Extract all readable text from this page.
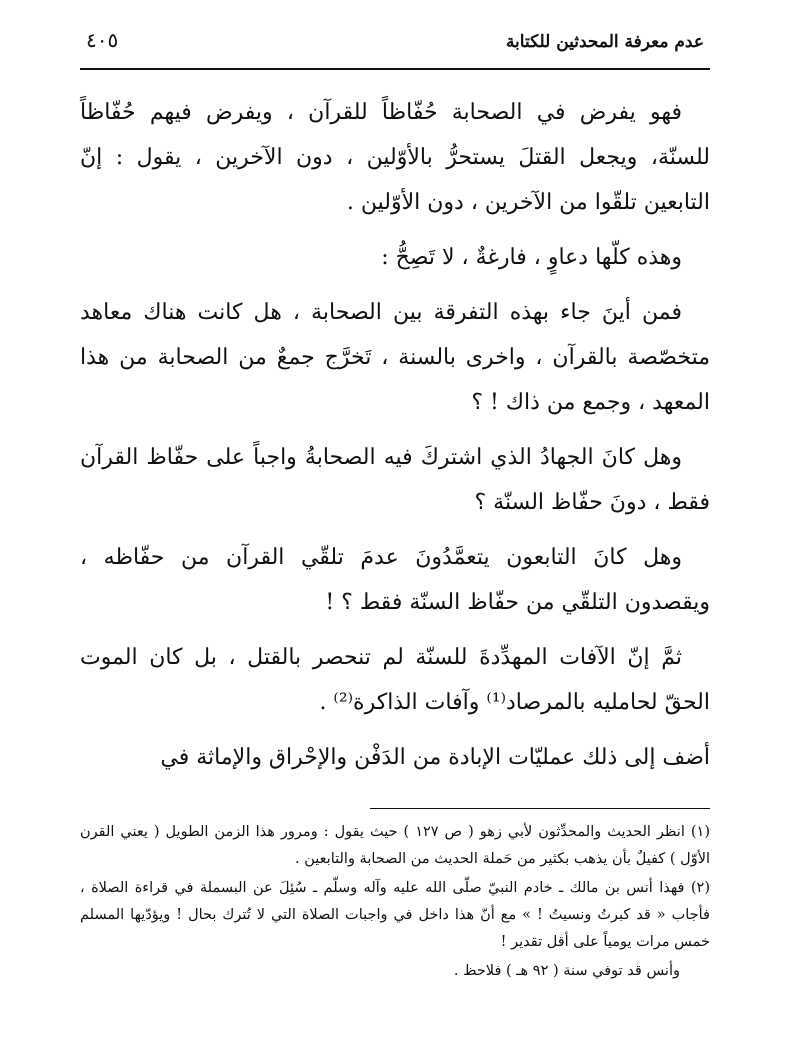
عدم معرفة المحدثين للكتابة
٤٠٥

فهو يفرض في الصحابة حُفّاظاً للقرآن ، ويفرض فيهم حُفّاظاً للسنّة، ويجعل القتلَ يستحرُّ بالأوّلين ، دون الآخرين ، يقول : إنّ التابعين تلقّوا من الآخرين ، دون الأوّلين .

وهذه كلّها دعاوٍ ، فارغةٌ ، لا تَصِحُّ :

فمن أينَ جاء بهذه التفرقة بين الصحابة ، هل كانت هناك معاهد متخصّصة بالقرآن ، واخرى بالسنة ، تَخرَّج جمعٌ من الصحابة من هذا المعهد ، وجمع من ذاك ! ؟

وهل كانَ الجهادُ الذي اشتركَ فيه الصحابةُ واجباً على حفّاظ القرآن فقط ، دونَ حفّاظ السنّة ؟

وهل كانَ التابعون يتعمَّدُونَ عدمَ تلقّي القرآن من حفّاظه ، ويقصدون التلقّي من حفّاظ السنّة فقط ؟ !

ثمَّ إنّ الآفات المهدِّدةَ للسنّة لم تنحصر بالقتل ، بل كان الموت الحقّ لحامليه بالمرصاد⁽¹⁾ وآفات الذاكرة⁽²⁾ .

أضف إلى ذلك عمليّات الإبادة من الدَفْن والإحْراق والإماثة في

(١) انظر الحديث والمحدِّثون لأبي زهو ( ص ١٢٧ ) حيث يقول : ومرور هذا الزمن الطويل ( يعني القرن الأوّل ) كفيلٌ بأن يذهب بكثير من حَملة الحديث من الصحابة والتابعين .

(٢) فهذا أنس بن مالك ـ خادم النبيّ صلّى الله عليه وآله وسلّم ـ سُئِلَ عن البسملة في قراءة الصلاة ، فأجاب « قد كبرتُ ونسيتُ ! » مع أنّ هذا داخل في واجبات الصلاة التي لا تُترك بحال ! ويؤدّيها المسلم خمس مرات يومياً على أقل تقدير !

وأنس قد توفي سنة ( ٩٢ هـ ) فلاحظ .
